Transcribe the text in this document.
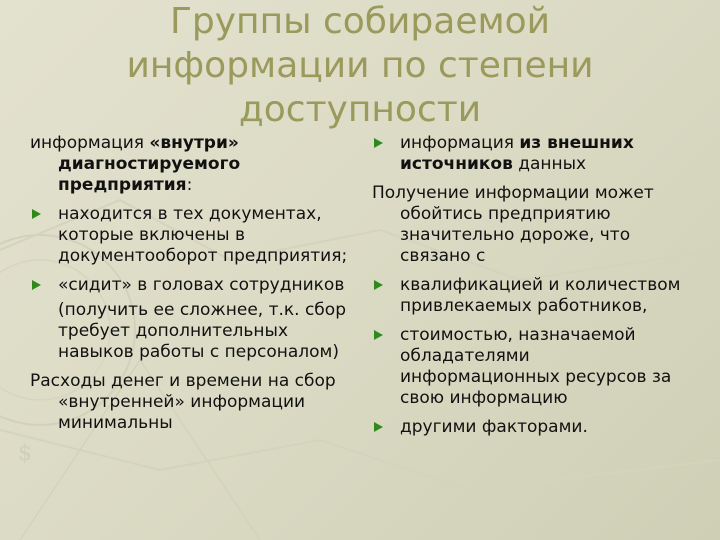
$
Группы собираемой информации по степени доступности

информация «внутри» диагностируемого предприятия:

находится в тех документах, которые включены в документооборот предприятия;
«сидит» в головах сотрудников

(получить ее сложнее, т.к. сбор требует дополнительных навыков работы с персоналом)

Расходы денег и времени на сбор «внутренней» информации минимальны

информация из внешних источников данных

Получение информации может обойтись предприятию значительно дороже, что связано с

квалификацией и количеством привлекаемых работников,
стоимостью, назначаемой обладателями информационных ресурсов за свою информацию
другими факторами.
